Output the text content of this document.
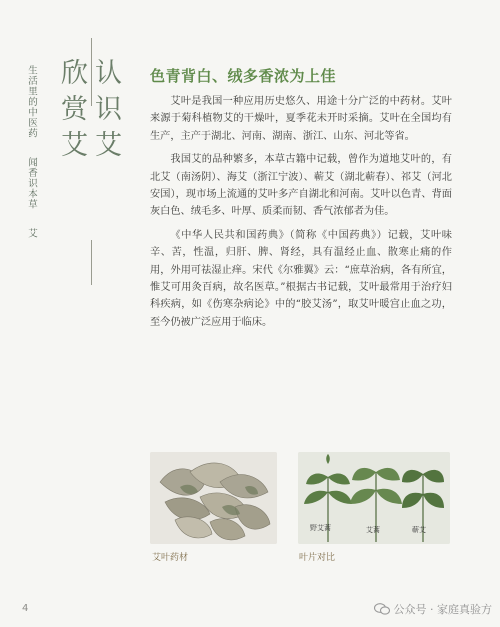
生活里的中医药 　 闻香识本草 　 艾
认识艾
欣赏艾	色青背白、绒多香浓为上佳

艾叶是我国一种应用历史悠久、用途十分广泛的中药材。艾叶来源于菊科植物艾的干燥叶，夏季花未开时采摘。艾叶在全国均有生产，主产于湖北、河南、湖南、浙江、山东、河北等省。

我国艾的品种繁多，本草古籍中记载，曾作为道地艾叶的，有北艾（南汤阴）、海艾（浙江宁波）、蕲艾（湖北蕲春）、祁艾（河北安国），现市场上流通的艾叶多产自湖北和河南。艾叶以色青、背面灰白色、绒毛多、叶厚、质柔而韧、香气浓郁者为佳。

《中华人民共和国药典》（简称《中国药典》）记载，艾叶味辛、苦，性温，归肝、脾、肾经，具有温经止血、散寒止痛的作用，外用可祛湿止痒。宋代《尔雅翼》云：“庶草治病，各有所宜，惟艾可用灸百病，故名医草。”根据古书记载，艾叶最常用于治疗妇科疾病，如《伤寒杂病论》中的“胶艾汤”，取艾叶暖宫止血之功，至今仍被广泛应用于临床。

野艾蒿	艾蒿	蕲艾
艾叶药材	叶片对比
4	公众号 · 家庭真验方
